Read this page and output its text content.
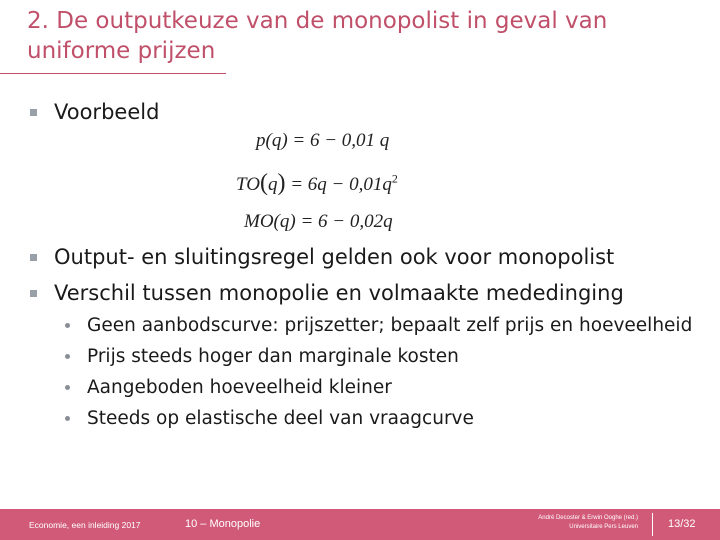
2. De outputkeuze van de monopolist in geval van uniforme prijzen
Voorbeeld
p(q) = 6 − 0,01 q
$TO(q) = 6q - 0,01q^2$
MO(q) = 6 − 0,02q
Output- en sluitingsregel gelden ook voor monopolist
Verschil tussen monopolie en volmaakte mededinging
Geen aanbodscurve: prijszetter; bepaalt zelf prijs en hoeveelheid
Prijs steeds hoger dan marginale kosten
Aangeboden hoeveelheid kleiner
Steeds op elastische deel van vraagcurve
Economie, een inleiding 2017	10 – Monopolie	André Decoster & Erwin Ooghe (red.)
Universitaire Pers Leuven	13/32
